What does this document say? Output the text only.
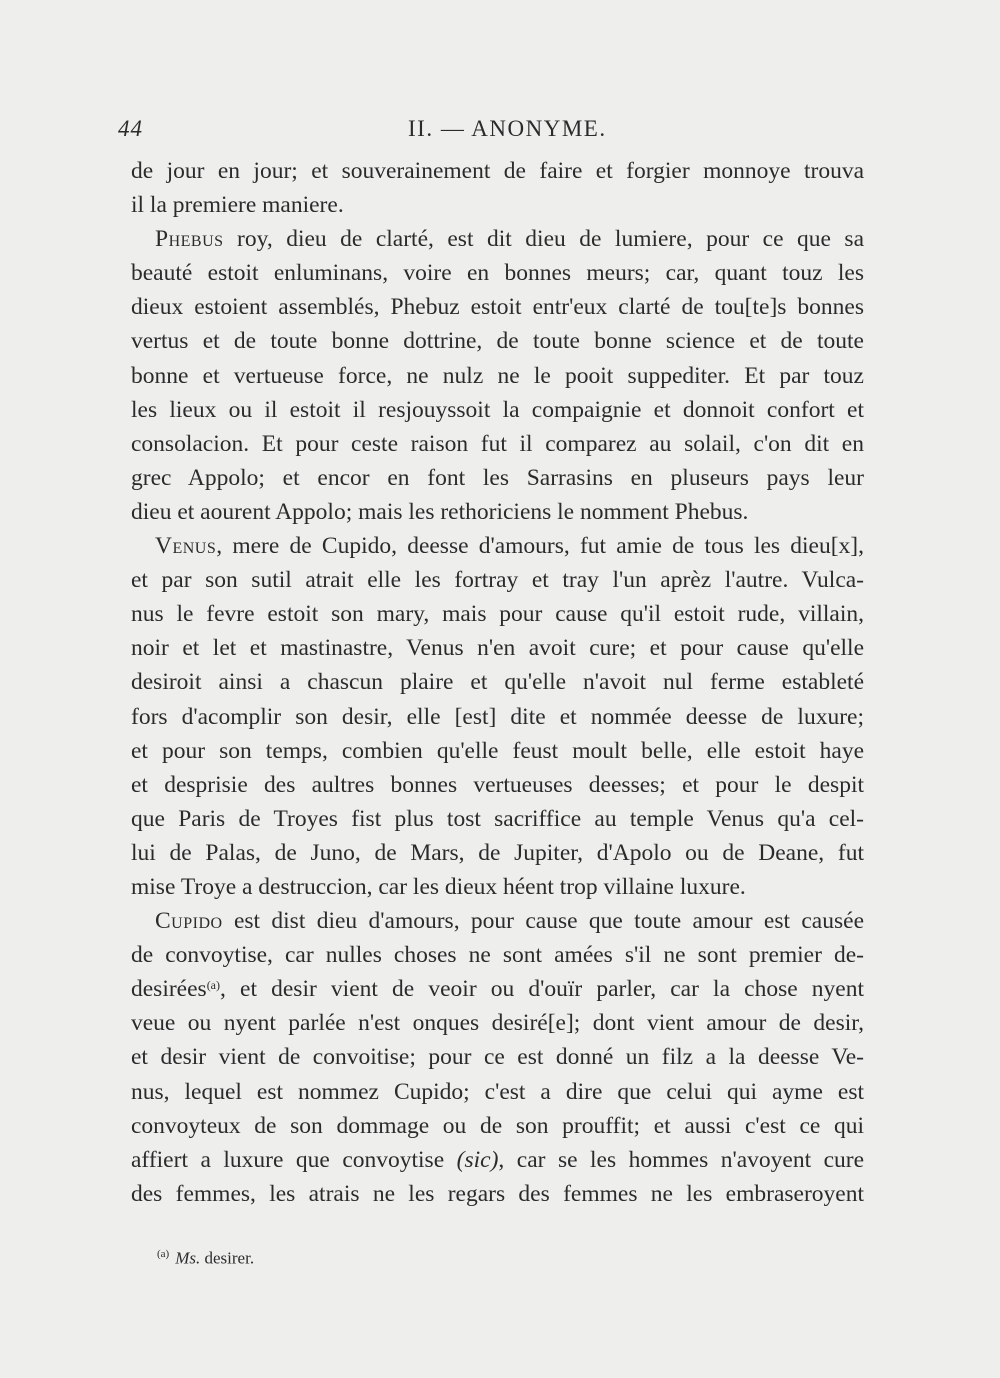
44	II. — ANONYME.
de jour en jour; et souverainement de faire et forgier monnoye trouva
il la premiere maniere.
Phebus roy, dieu de clarté, est dit dieu de lumiere, pour ce que sa
beauté estoit enluminans, voire en bonnes meurs; car, quant touz les
dieux estoient assemblés, Phebuz estoit entr'eux clarté de tou[te]s bonnes
vertus et de toute bonne dottrine, de toute bonne science et de toute
bonne et vertueuse force, ne nulz ne le pooit suppediter. Et par touz
les lieux ou il estoit il resjouyssoit la compaignie et donnoit confort et
consolacion. Et pour ceste raison fut il comparez au solail, c'on dit en
grec Appolo; et encor en font les Sarrasins en pluseurs pays leur
dieu et aourent Appolo; mais les rethoriciens le nomment Phebus.
Venus, mere de Cupido, deesse d'amours, fut amie de tous les dieu[x],
et par son sutil atrait elle les fortray et tray l'un aprèz l'autre. Vulca-
nus le fevre estoit son mary, mais pour cause qu'il estoit rude, villain,
noir et let et mastinastre, Venus n'en avoit cure; et pour cause qu'elle
desiroit ainsi a chascun plaire et qu'elle n'avoit nul ferme estableté
fors d'acomplir son desir, elle [est] dite et nommée deesse de luxure;
et pour son temps, combien qu'elle feust moult belle, elle estoit haye
et desprisie des aultres bonnes vertueuses deesses; et pour le despit
que Paris de Troyes fist plus tost sacriffice au temple Venus qu'a cel-
lui de Palas, de Juno, de Mars, de Jupiter, d'Apolo ou de Deane, fut
mise Troye a destruccion, car les dieux héent trop villaine luxure.
Cupido est dist dieu d'amours, pour cause que toute amour est causée
de convoytise, car nulles choses ne sont amées s'il ne sont premier de-
desirées$^{(a)}$, et desir vient de veoir ou d'ouïr parler, car la chose nyent
veue ou nyent parlée n'est onques desiré[e]; dont vient amour de desir,
et desir vient de convoitise; pour ce est donné un filz a la deesse Ve-
nus, lequel est nommez Cupido; c'est a dire que celui qui ayme est
convoyteux de son dommage ou de son prouffit; et aussi c'est ce qui
affiert a luxure que convoytise (sic), car se les hommes n'avoyent cure
des femmes, les atrais ne les regars des femmes ne les embraseroyent
$^{(a)}$ Ms. desirer.
